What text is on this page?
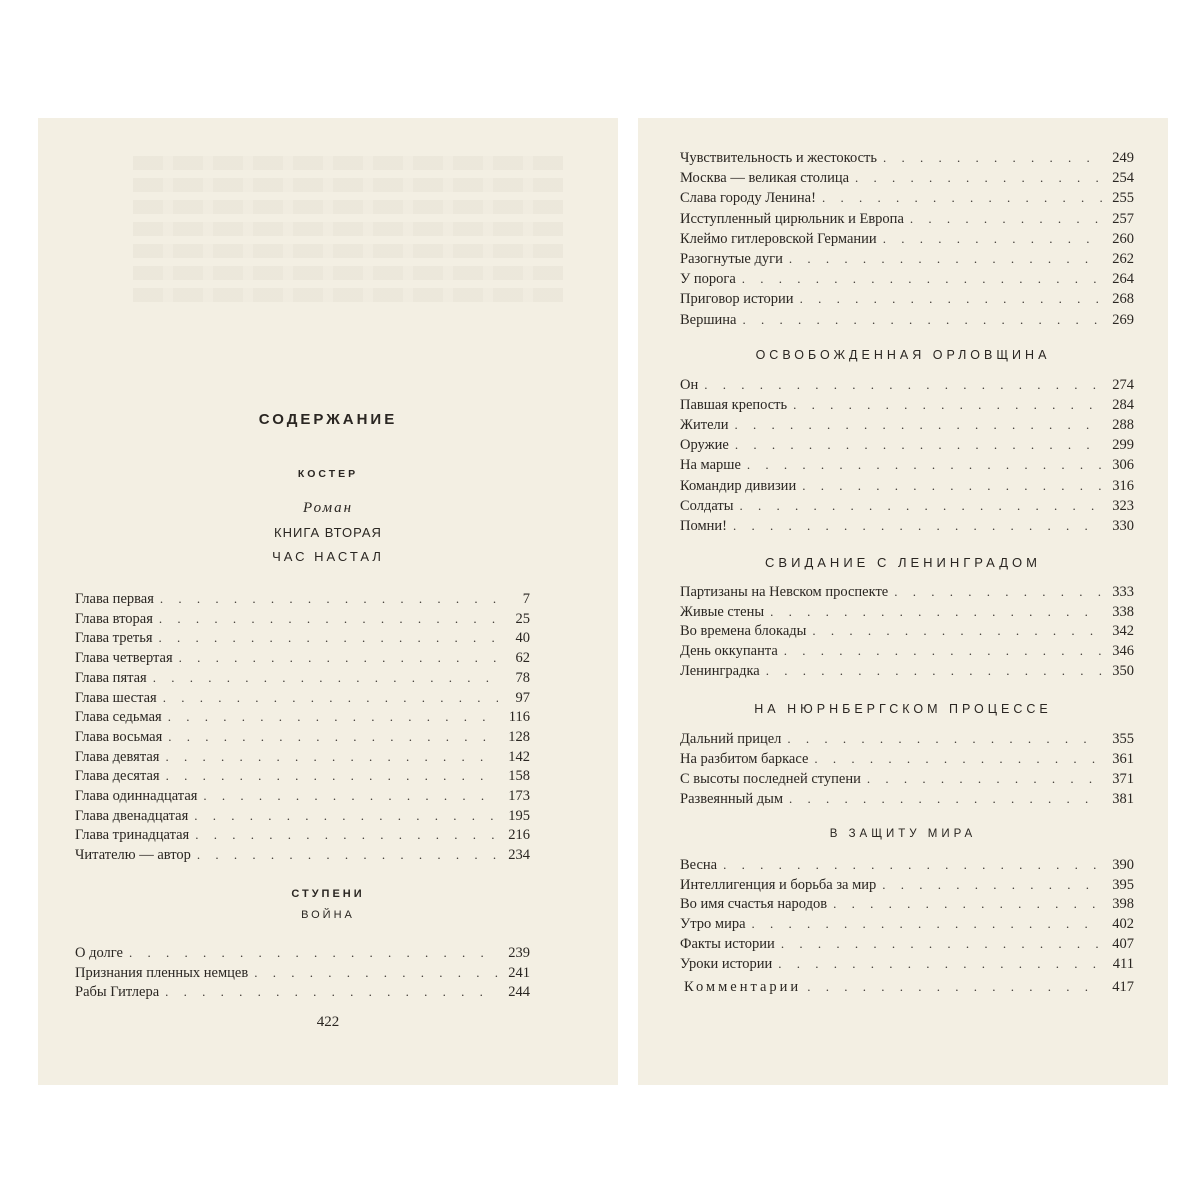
СОДЕРЖАНИЕ
КОСТЕР
Роман
КНИГА ВТОРАЯ
ЧАС НАСТАЛ
Глава первая . . .	7
Глава вторая . . .	25
Глава третья . . .	40
Глава четвертая . . .	62
Глава пятая . . .	78
Глава шестая . . .	97
Глава седьмая . . .	116
Глава восьмая . . .	128
Глава девятая . . .	142
Глава десятая . . .	158
Глава одиннадцатая . . .	173
Глава двенадцатая . . .	195
Глава тринадцатая . . .	216
Читателю — автор . . .	234
СТУПЕНИ
ВОЙНА
О долге . . .	239
Признания пленных немцев . . .	241
Рабы Гитлера . . .	244
422
Чувствительность и жестокость . . .	249
Москва — великая столица . . .	254
Слава городу Ленина! . . .	255
Исступленный цирюльник и Европа . . .	257
Клеймо гитлеровской Германии . . .	260
Разогнутые дуги . . .	262
У порога . . .	264
Приговор истории . . .	268
Вершина . . .	269
ОСВОБОЖДЕННАЯ ОРЛОВЩИНА
Он . . .	274
Павшая крепость . . .	284
Жители . . .	288
Оружие . . .	299
На марше . . .	306
Командир дивизии . . .	316
Солдаты . . .	323
Помни! . . .	330
СВИДАНИЕ С ЛЕНИНГРАДОМ
Партизаны на Невском проспекте . . .	333
Живые стены . . .	338
Во времена блокады . . .	342
День оккупанта . . .	346
Ленинградка . . .	350
НА НЮРНБЕРГСКОМ ПРОЦЕССЕ
Дальний прицел . . .	355
На разбитом баркасе . . .	361
С высоты последней ступени . . .	371
Развеянный дым . . .	381
В ЗАЩИТУ МИРА
Весна . . .	390
Интеллигенция и борьба за мир . . .	395
Во имя счастья народов . . .	398
Утро мира . . .	402
Факты истории . . .	407
Уроки истории . . .	411
Комментарии . . .	417
